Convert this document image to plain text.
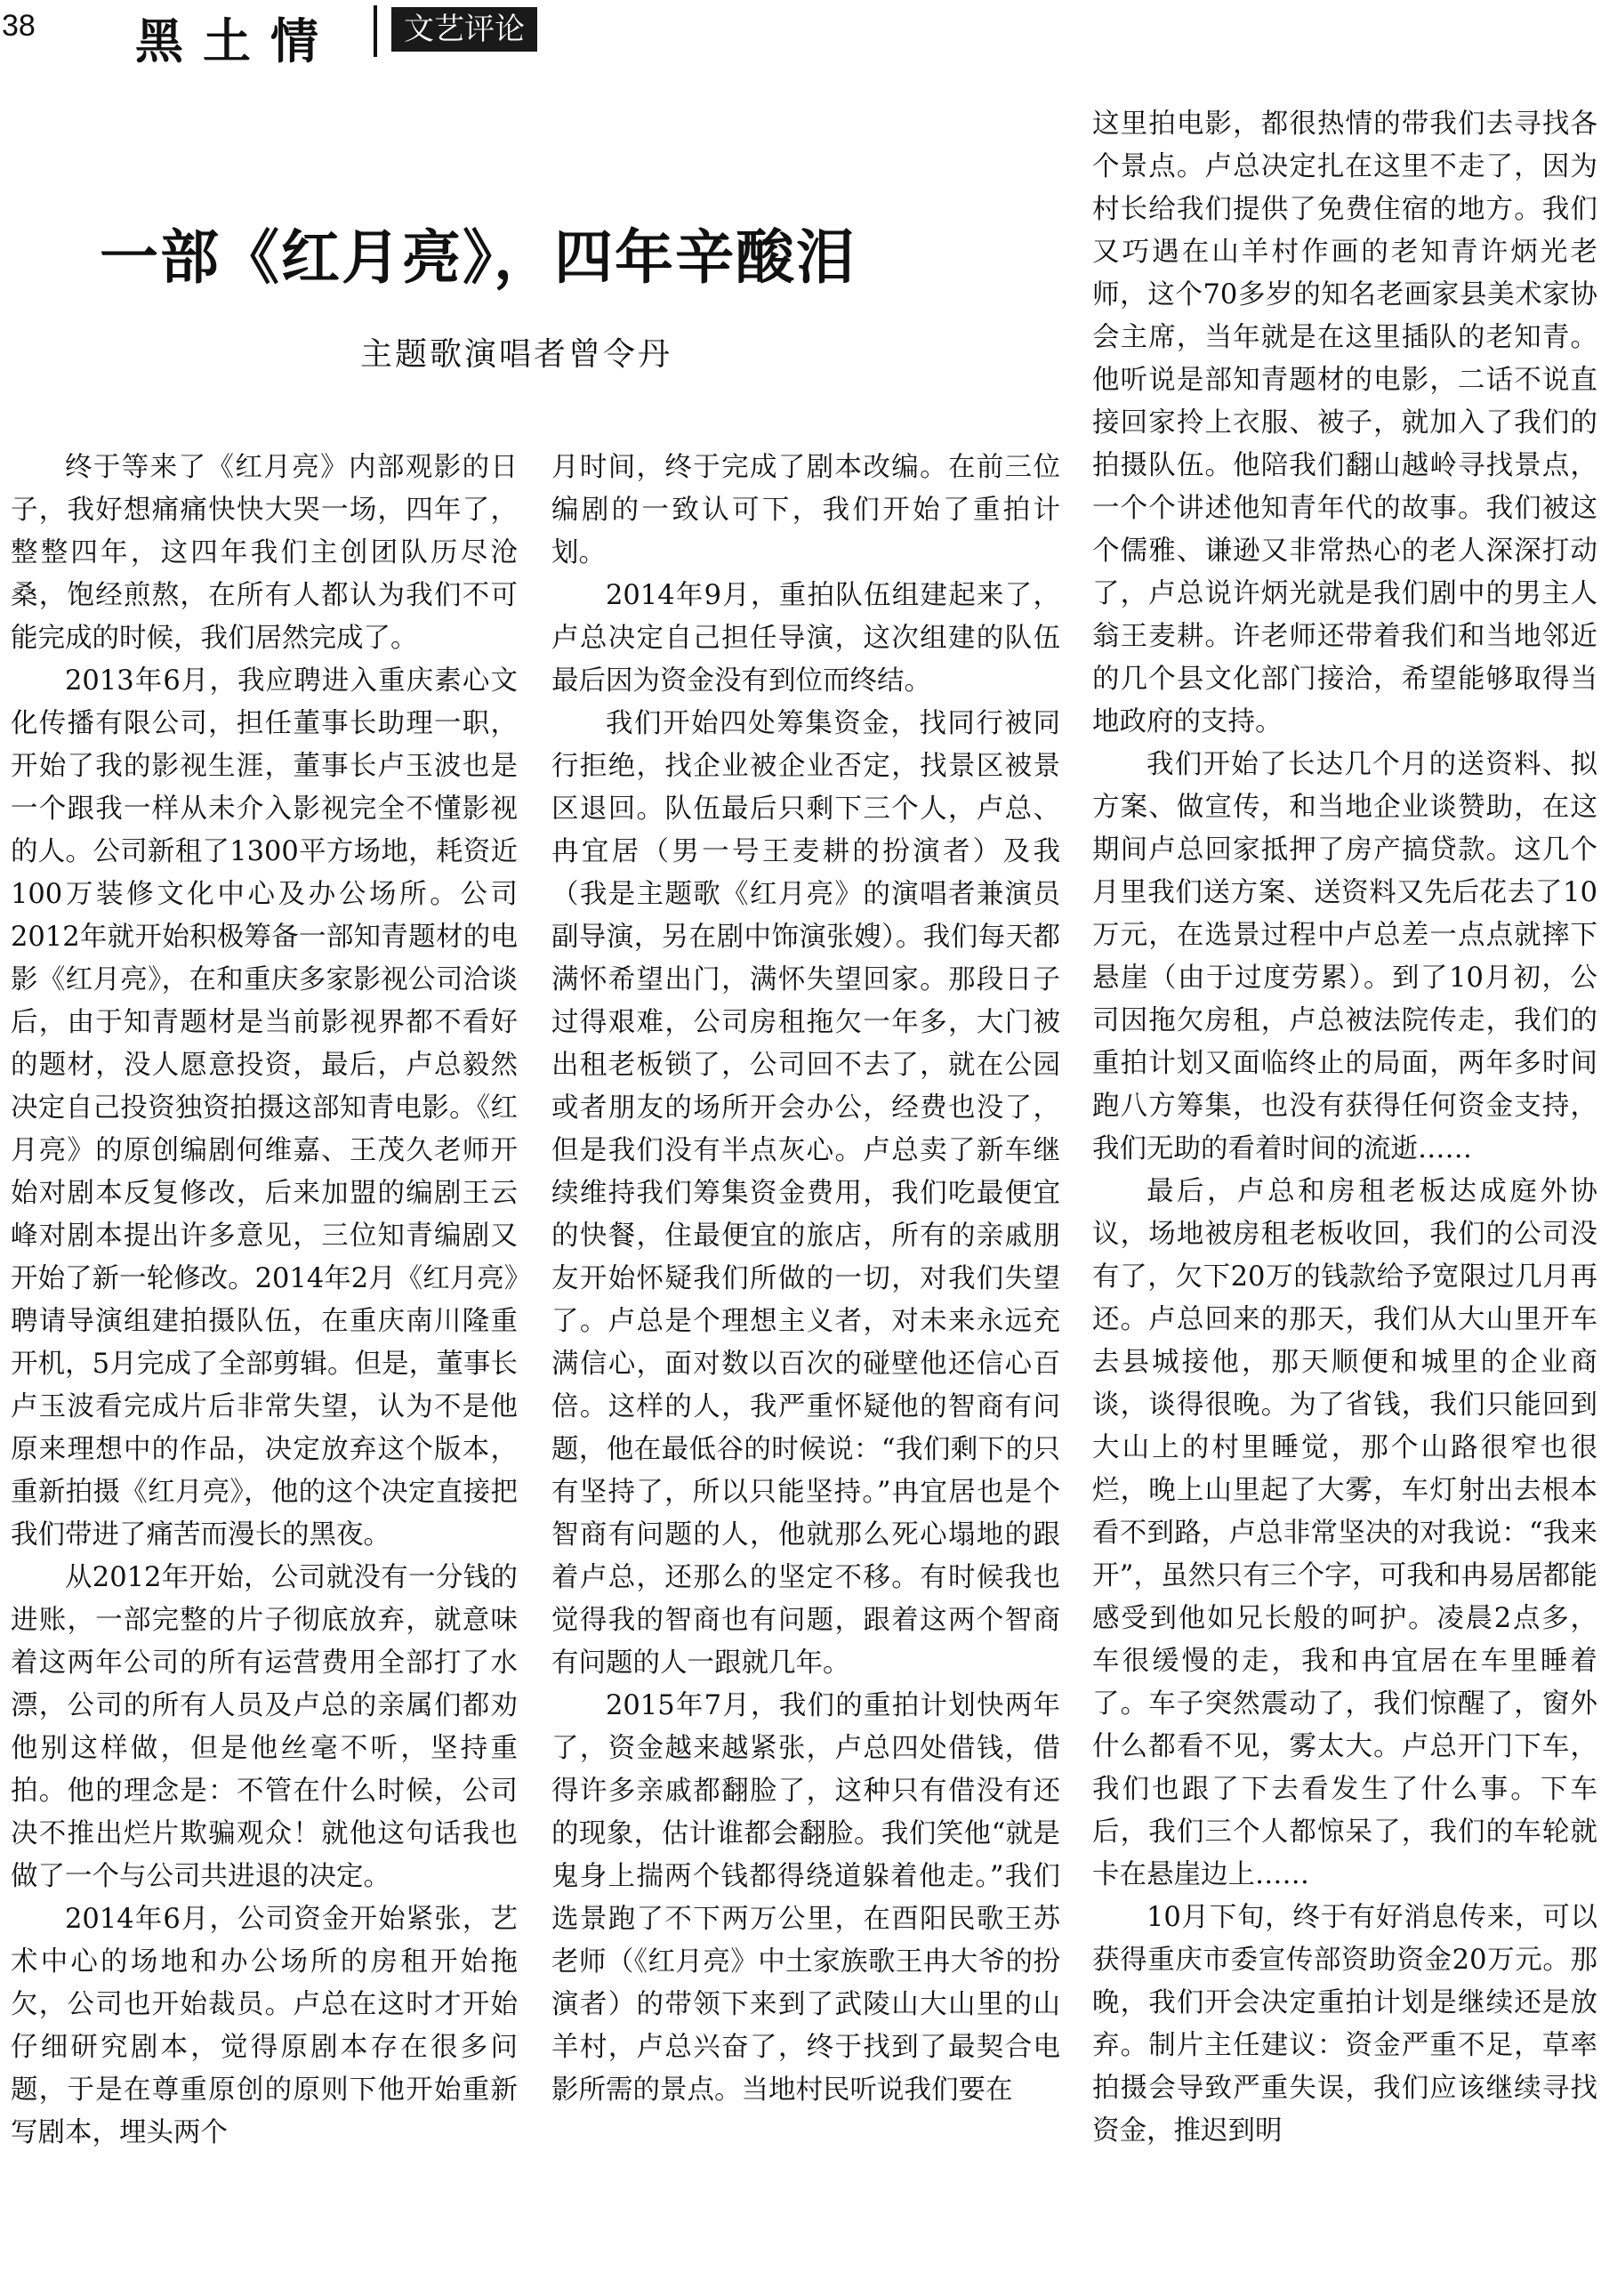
38 黑土情	文艺评论
一部《红月亮》，四年辛酸泪
主题歌演唱者曾令丹

终于等来了《红月亮》内部观影的日子，我好想痛痛快快大哭一场，四年了，整整四年，这四年我们主创团队历尽沧桑，饱经煎熬，在所有人都认为我们不可能完成的时候，我们居然完成了。

2013年6月，我应聘进入重庆素心文化传播有限公司，担任董事长助理一职，开始了我的影视生涯，董事长卢玉波也是一个跟我一样从未介入影视完全不懂影视的人。公司新租了1300平方场地，耗资近100万装修文化中心及办公场所。公司2012年就开始积极筹备一部知青题材的电影《红月亮》，在和重庆多家影视公司洽谈后，由于知青题材是当前影视界都不看好的题材，没人愿意投资，最后，卢总毅然决定自己投资独资拍摄这部知青电影。《红月亮》的原创编剧何维嘉、王茂久老师开始对剧本反复修改，后来加盟的编剧王云峰对剧本提出许多意见，三位知青编剧又开始了新一轮修改。2014年2月《红月亮》聘请导演组建拍摄队伍，在重庆南川隆重开机，5月完成了全部剪辑。但是，董事长卢玉波看完成片后非常失望，认为不是他原来理想中的作品，决定放弃这个版本，重新拍摄《红月亮》，他的这个决定直接把我们带进了痛苦而漫长的黑夜。

从2012年开始，公司就没有一分钱的进账，一部完整的片子彻底放弃，就意味着这两年公司的所有运营费用全部打了水漂，公司的所有人员及卢总的亲属们都劝他别这样做，但是他丝毫不听，坚持重拍。他的理念是：不管在什么时候，公司决不推出烂片欺骗观众！就他这句话我也做了一个与公司共进退的决定。

2014年6月，公司资金开始紧张，艺术中心的场地和办公场所的房租开始拖欠，公司也开始裁员。卢总在这时才开始仔细研究剧本，觉得原剧本存在很多问题，于是在尊重原创的原则下他开始重新写剧本，埋头两个

月时间，终于完成了剧本改编。在前三位编剧的一致认可下，我们开始了重拍计划。

2014年9月，重拍队伍组建起来了，卢总决定自己担任导演，这次组建的队伍最后因为资金没有到位而终结。

我们开始四处筹集资金，找同行被同行拒绝，找企业被企业否定，找景区被景区退回。队伍最后只剩下三个人，卢总、冉宜居（男一号王麦耕的扮演者）及我（我是主题歌《红月亮》的演唱者兼演员副导演，另在剧中饰演张嫂）。我们每天都满怀希望出门，满怀失望回家。那段日子过得艰难，公司房租拖欠一年多，大门被出租老板锁了，公司回不去了，就在公园或者朋友的场所开会办公，经费也没了，但是我们没有半点灰心。卢总卖了新车继续维持我们筹集资金费用，我们吃最便宜的快餐，住最便宜的旅店，所有的亲戚朋友开始怀疑我们所做的一切，对我们失望了。卢总是个理想主义者，对未来永远充满信心，面对数以百次的碰壁他还信心百倍。这样的人，我严重怀疑他的智商有问题，他在最低谷的时候说：“我们剩下的只有坚持了，所以只能坚持。”冉宜居也是个智商有问题的人，他就那么死心塌地的跟着卢总，还那么的坚定不移。有时候我也觉得我的智商也有问题，跟着这两个智商有问题的人一跟就几年。

2015年7月，我们的重拍计划快两年了，资金越来越紧张，卢总四处借钱，借得许多亲戚都翻脸了，这种只有借没有还的现象，估计谁都会翻脸。我们笑他“就是鬼身上揣两个钱都得绕道躲着他走。”我们选景跑了不下两万公里，在酉阳民歌王苏老师（《红月亮》中土家族歌王冉大爷的扮演者）的带领下来到了武陵山大山里的山羊村，卢总兴奋了，终于找到了最契合电影所需的景点。当地村民听说我们要在

这里拍电影，都很热情的带我们去寻找各个景点。卢总决定扎在这里不走了，因为村长给我们提供了免费住宿的地方。我们又巧遇在山羊村作画的老知青许炳光老师，这个70多岁的知名老画家县美术家协会主席，当年就是在这里插队的老知青。他听说是部知青题材的电影，二话不说直接回家拎上衣服、被子，就加入了我们的拍摄队伍。他陪我们翻山越岭寻找景点，一个个讲述他知青年代的故事。我们被这个儒雅、谦逊又非常热心的老人深深打动了，卢总说许炳光就是我们剧中的男主人翁王麦耕。许老师还带着我们和当地邻近的几个县文化部门接洽，希望能够取得当地政府的支持。

我们开始了长达几个月的送资料、拟方案、做宣传，和当地企业谈赞助，在这期间卢总回家抵押了房产搞贷款。这几个月里我们送方案、送资料又先后花去了10万元，在选景过程中卢总差一点点就摔下悬崖（由于过度劳累）。到了10月初，公司因拖欠房租，卢总被法院传走，我们的重拍计划又面临终止的局面，两年多时间跑八方筹集，也没有获得任何资金支持，我们无助的看着时间的流逝……

最后，卢总和房租老板达成庭外协议，场地被房租老板收回，我们的公司没有了，欠下20万的钱款给予宽限过几月再还。卢总回来的那天，我们从大山里开车去县城接他，那天顺便和城里的企业商谈，谈得很晚。为了省钱，我们只能回到大山上的村里睡觉，那个山路很窄也很烂，晚上山里起了大雾，车灯射出去根本看不到路，卢总非常坚决的对我说：“我来开”，虽然只有三个字，可我和冉易居都能感受到他如兄长般的呵护。凌晨2点多，车很缓慢的走，我和冉宜居在车里睡着了。车子突然震动了，我们惊醒了，窗外什么都看不见，雾太大。卢总开门下车，我们也跟了下去看发生了什么事。下车后，我们三个人都惊呆了，我们的车轮就卡在悬崖边上……

10月下旬，终于有好消息传来，可以获得重庆市委宣传部资助资金20万元。那晚，我们开会决定重拍计划是继续还是放弃。制片主任建议：资金严重不足，草率拍摄会导致严重失误，我们应该继续寻找资金，推迟到明
